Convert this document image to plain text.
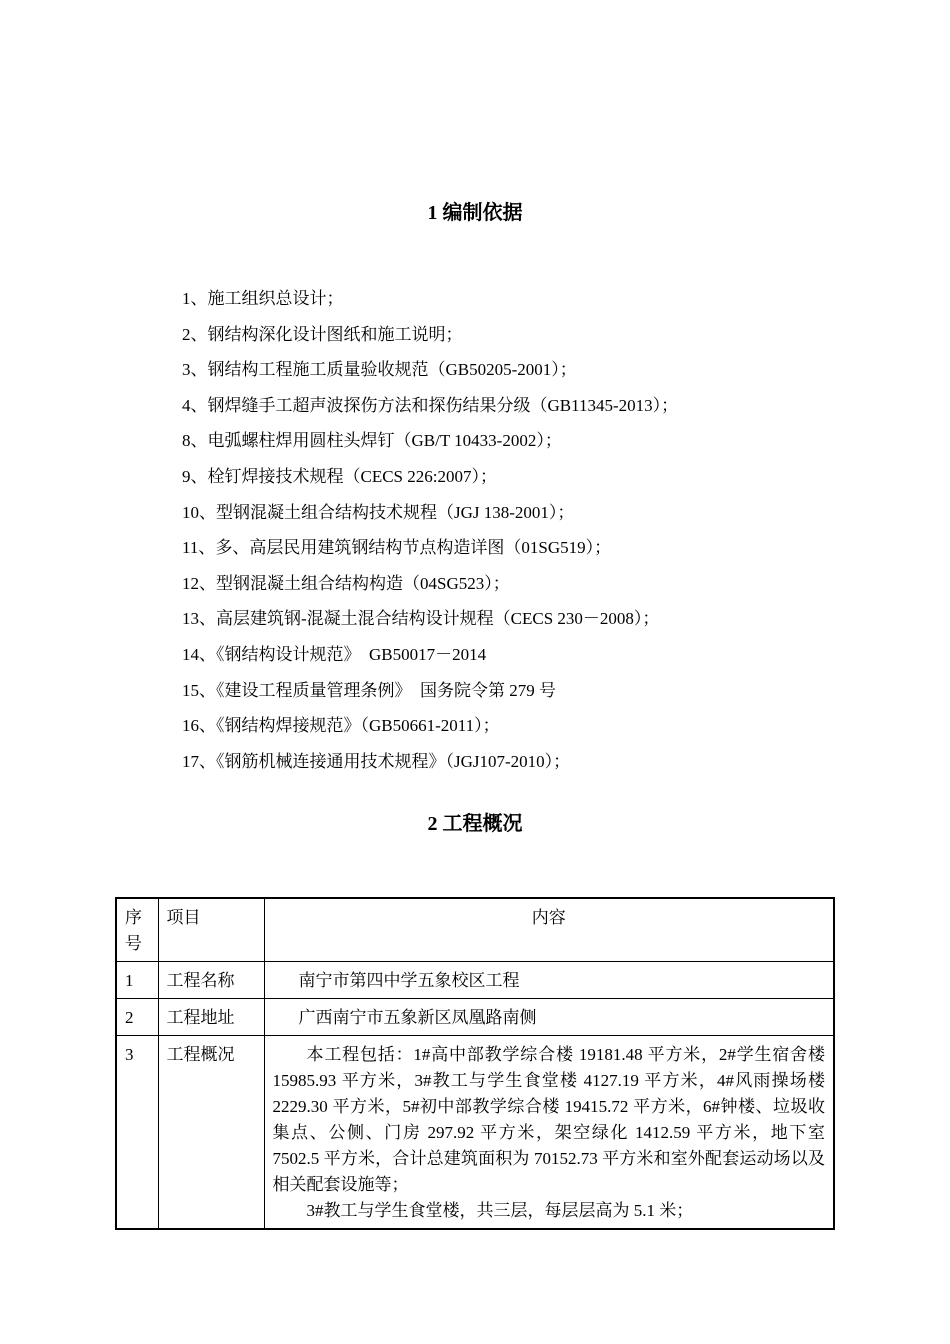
1 编制依据
1、施工组织总设计；
2、钢结构深化设计图纸和施工说明；
3、钢结构工程施工质量验收规范（GB50205-2001）；
4、钢焊缝手工超声波探伤方法和探伤结果分级（GB11345-2013）；
8、电弧螺柱焊用圆柱头焊钉（GB/T 10433-2002）；
9、栓钉焊接技术规程（CECS 226:2007）；
10、型钢混凝土组合结构技术规程（JGJ 138-2001）；
11、多、高层民用建筑钢结构节点构造详图（01SG519）；
12、型钢混凝土组合结构构造（04SG523）；
13、高层建筑钢-混凝土混合结构设计规程（CECS 230－2008）；
14、《钢结构设计规范》　GB50017－2014
15、《建设工程质量管理条例》　国务院令第 279 号
16、《钢结构焊接规范》（GB50661-2011）；
17、《钢筋机械连接通用技术规程》（JGJ107-2010）；
2 工程概况
序号	项目	内容
1	工程名称	南宁市第四中学五象校区工程
2	工程地址	广西南宁市五象新区凤凰路南侧
3	工程概况	本工程包括：1#高中部教学综合楼 19181.48 平方米，2#学生宿舍楼 15985.93 平方米，3#教工与学生食堂楼 4127.19 平方米，4#风雨操场楼 2229.30 平方米，5#初中部教学综合楼 19415.72 平方米，6#钟楼、垃圾收集点、公侧、门房 297.92 平方米，架空绿化 1412.59 平方米，地下室 7502.5 平方米，合计总建筑面积为 70152.73 平方米和室外配套运动场以及相关配套设施等；

3#教工与学生食堂楼，共三层，每层层高为 5.1 米；
